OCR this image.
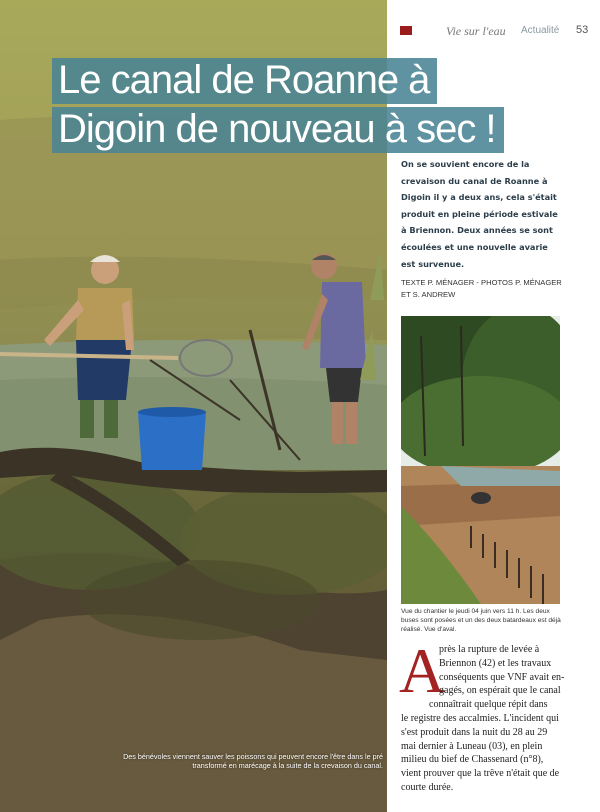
Le canal de Roanne à
Digoin de nouveau à sec !
Des bénévoles viennent sauver les poissons qui peuvent encore l'être dans le pré transformé en marécage à la suite de la crevaison du canal.
Vie sur l'eau Actualité 53
On se souvient encore de la crevaison du canal de Roanne à Digoin il y a deux ans, cela s'était produit en pleine période estivale à Briennon. Deux années se sont écoulées et une nouvelle avarie est survenue.
TEXTE P. MÉNAGER - PHOTOS P. MÉNAGER ET S. ANDREW
Vue du chantier le jeudi 04 juin vers 11 h. Les deux buses sont posées et un des deux batardeaux est déjà réalisé. Vue d'aval.
A
près la rupture de levée à
Briennon (42) et les travaux
conséquents que VNF avait en-
gagés, on espérait que le canal
connaîtrait quelque répit dans
le registre des accalmies. L'incident qui
s'est produit dans la nuit du 28 au 29
mai dernier à Luneau (03), en plein
milieu du bief de Chassenard (n°8),
vient prouver que la trêve n'était que de
courte durée.
